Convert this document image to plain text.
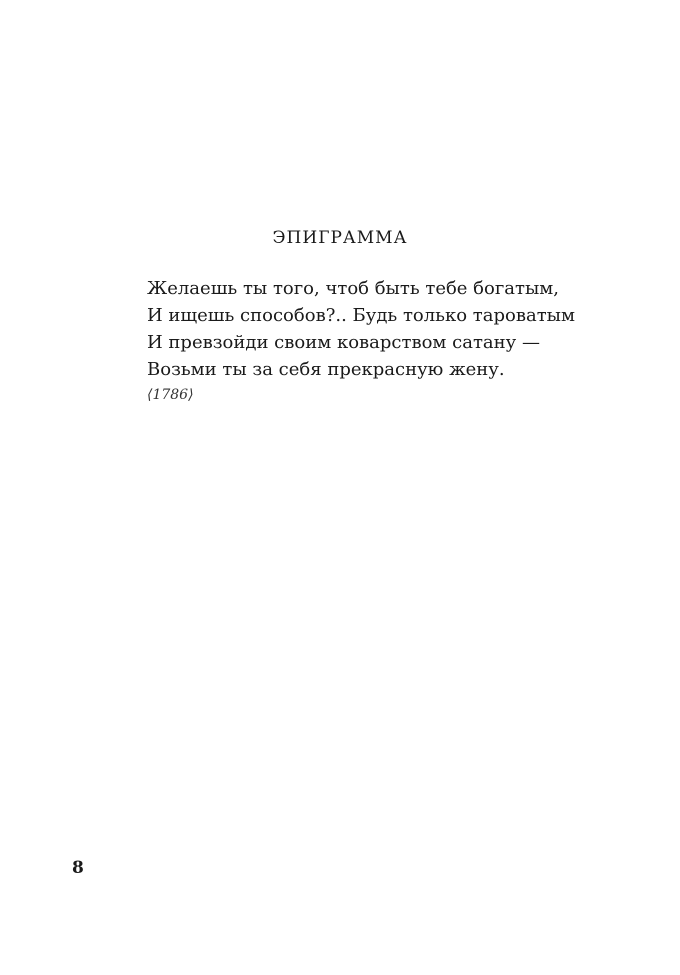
ЭПИГРАММА
Желаешь ты того, чтоб быть тебе богатым,
И ищешь способов?.. Будь только тароватым
И превзойди своим коварством сатану —
Возьми ты за себя прекрасную жену.
⟨1786⟩
8
